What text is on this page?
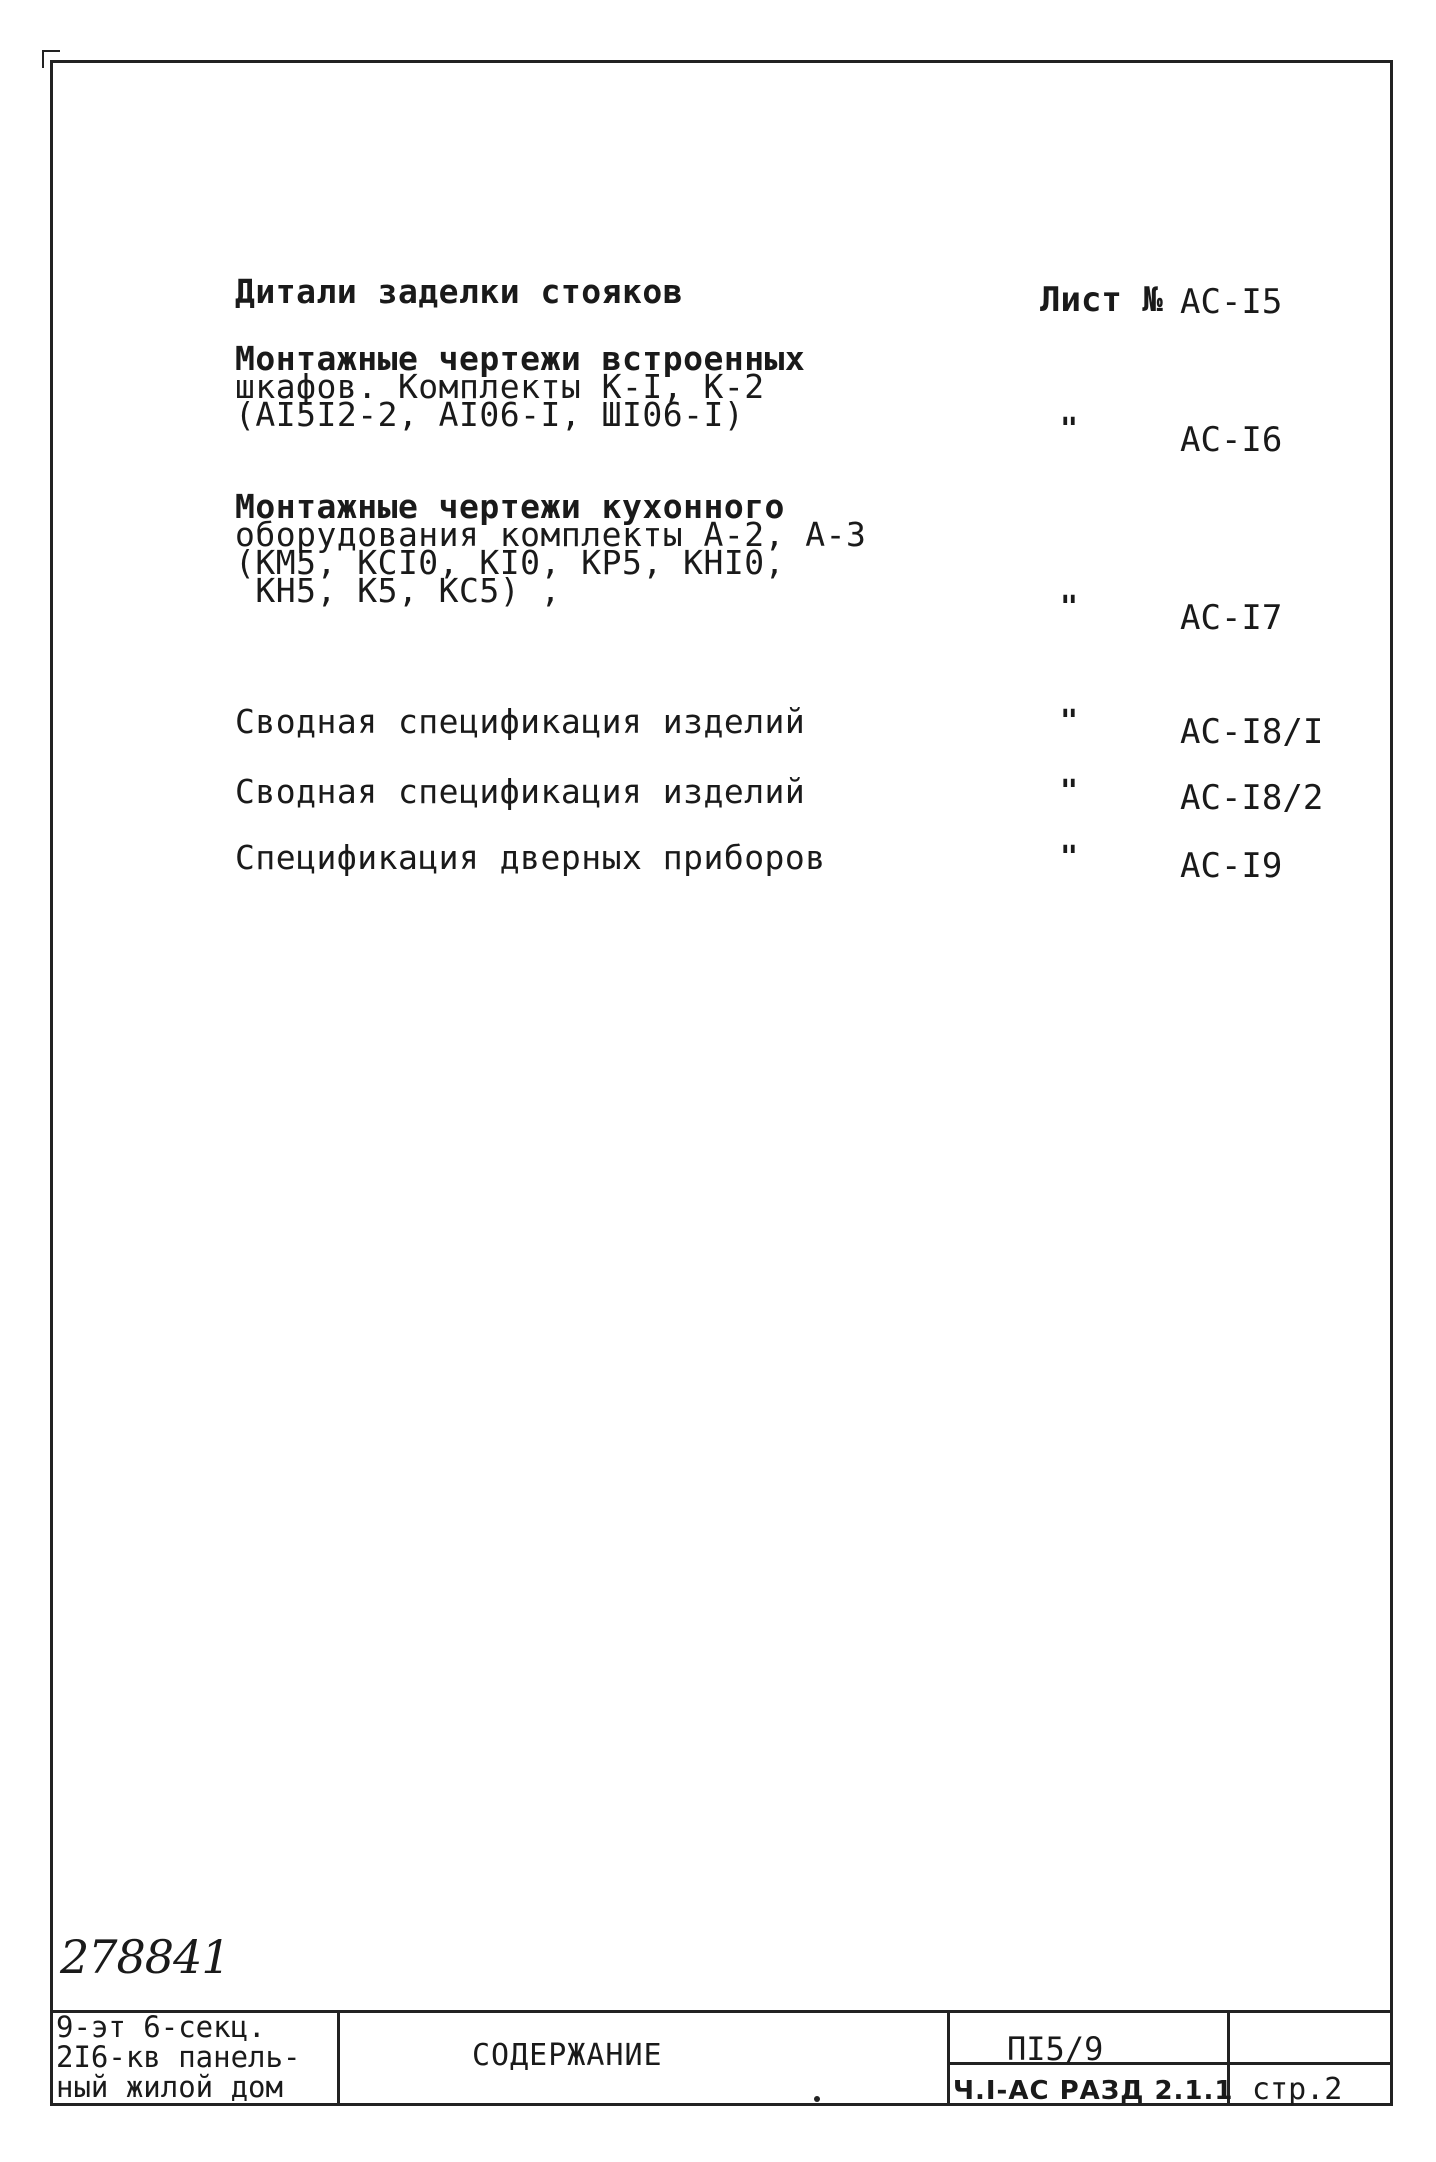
Дитали заделки стояков	Лист № АС-I5
Монтажные чертежи встроенных
шкафов. Комплекты К-I, К-2
(АI5I2-2, АI06-I, ШI06-I)	"	АС-I6
Монтажные чертежи кухонного
оборудования комплекты А-2, А-3
(КМ5, КСI0, КI0, КР5, КНI0,
КН5, К5, КС5) ,	"	АС-I7
Сводная спецификация изделий	"	АС-I8/I
Сводная спецификация изделий	"	АС-I8/2
Спецификация дверных приборов	"	АС-I9
278841
9-эт 6-секц.
2I6-кв панель-
ный жилой дом
СОДЕРЖАНИЕ	ПI5/9
Ч.I-АС РАЗД 2.1.1 стр.2
